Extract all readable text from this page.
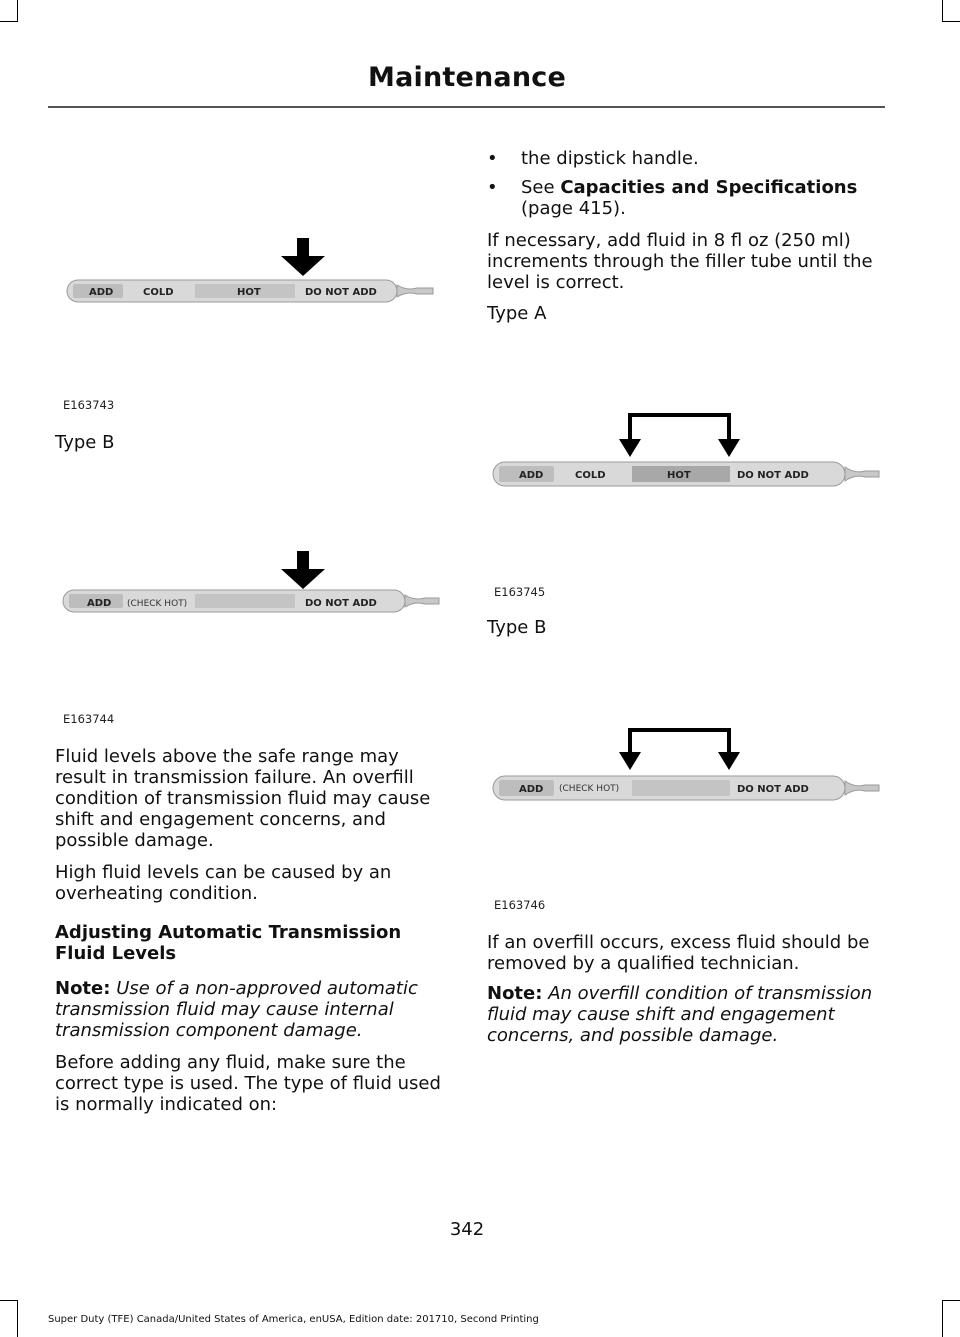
Maintenance
ADD	COLD	HOT	DO NOT ADD
E163743
Type B
ADD (CHECK HOT)	DO NOT ADD
E163744
Fluid levels above the safe range may result in transmission failure. An overfill condition of transmission fluid may cause shift and engagement concerns, and possible damage.
High fluid levels can be caused by an overheating condition.
Adjusting Automatic Transmission Fluid Levels
Note: Use of a non-approved automatic transmission fluid may cause internal transmission component damage.
Before adding any fluid, make sure the correct type is used. The type of fluid used is normally indicated on:
•	the dipstick handle.
•	See Capacities and Specifications (page 415).
If necessary, add fluid in 8 fl oz (250 ml) increments through the filler tube until the level is correct.
Type A
ADD	COLD	HOT	DO NOT ADD
E163745
Type B
ADD (CHECK HOT)	DO NOT ADD
E163746
If an overfill occurs, excess fluid should be removed by a qualified technician.
Note: An overfill condition of transmission fluid may cause shift and engagement concerns, and possible damage.
342
Super Duty (TFE) Canada/United States of America, enUSA, Edition date: 201710, Second Printing
